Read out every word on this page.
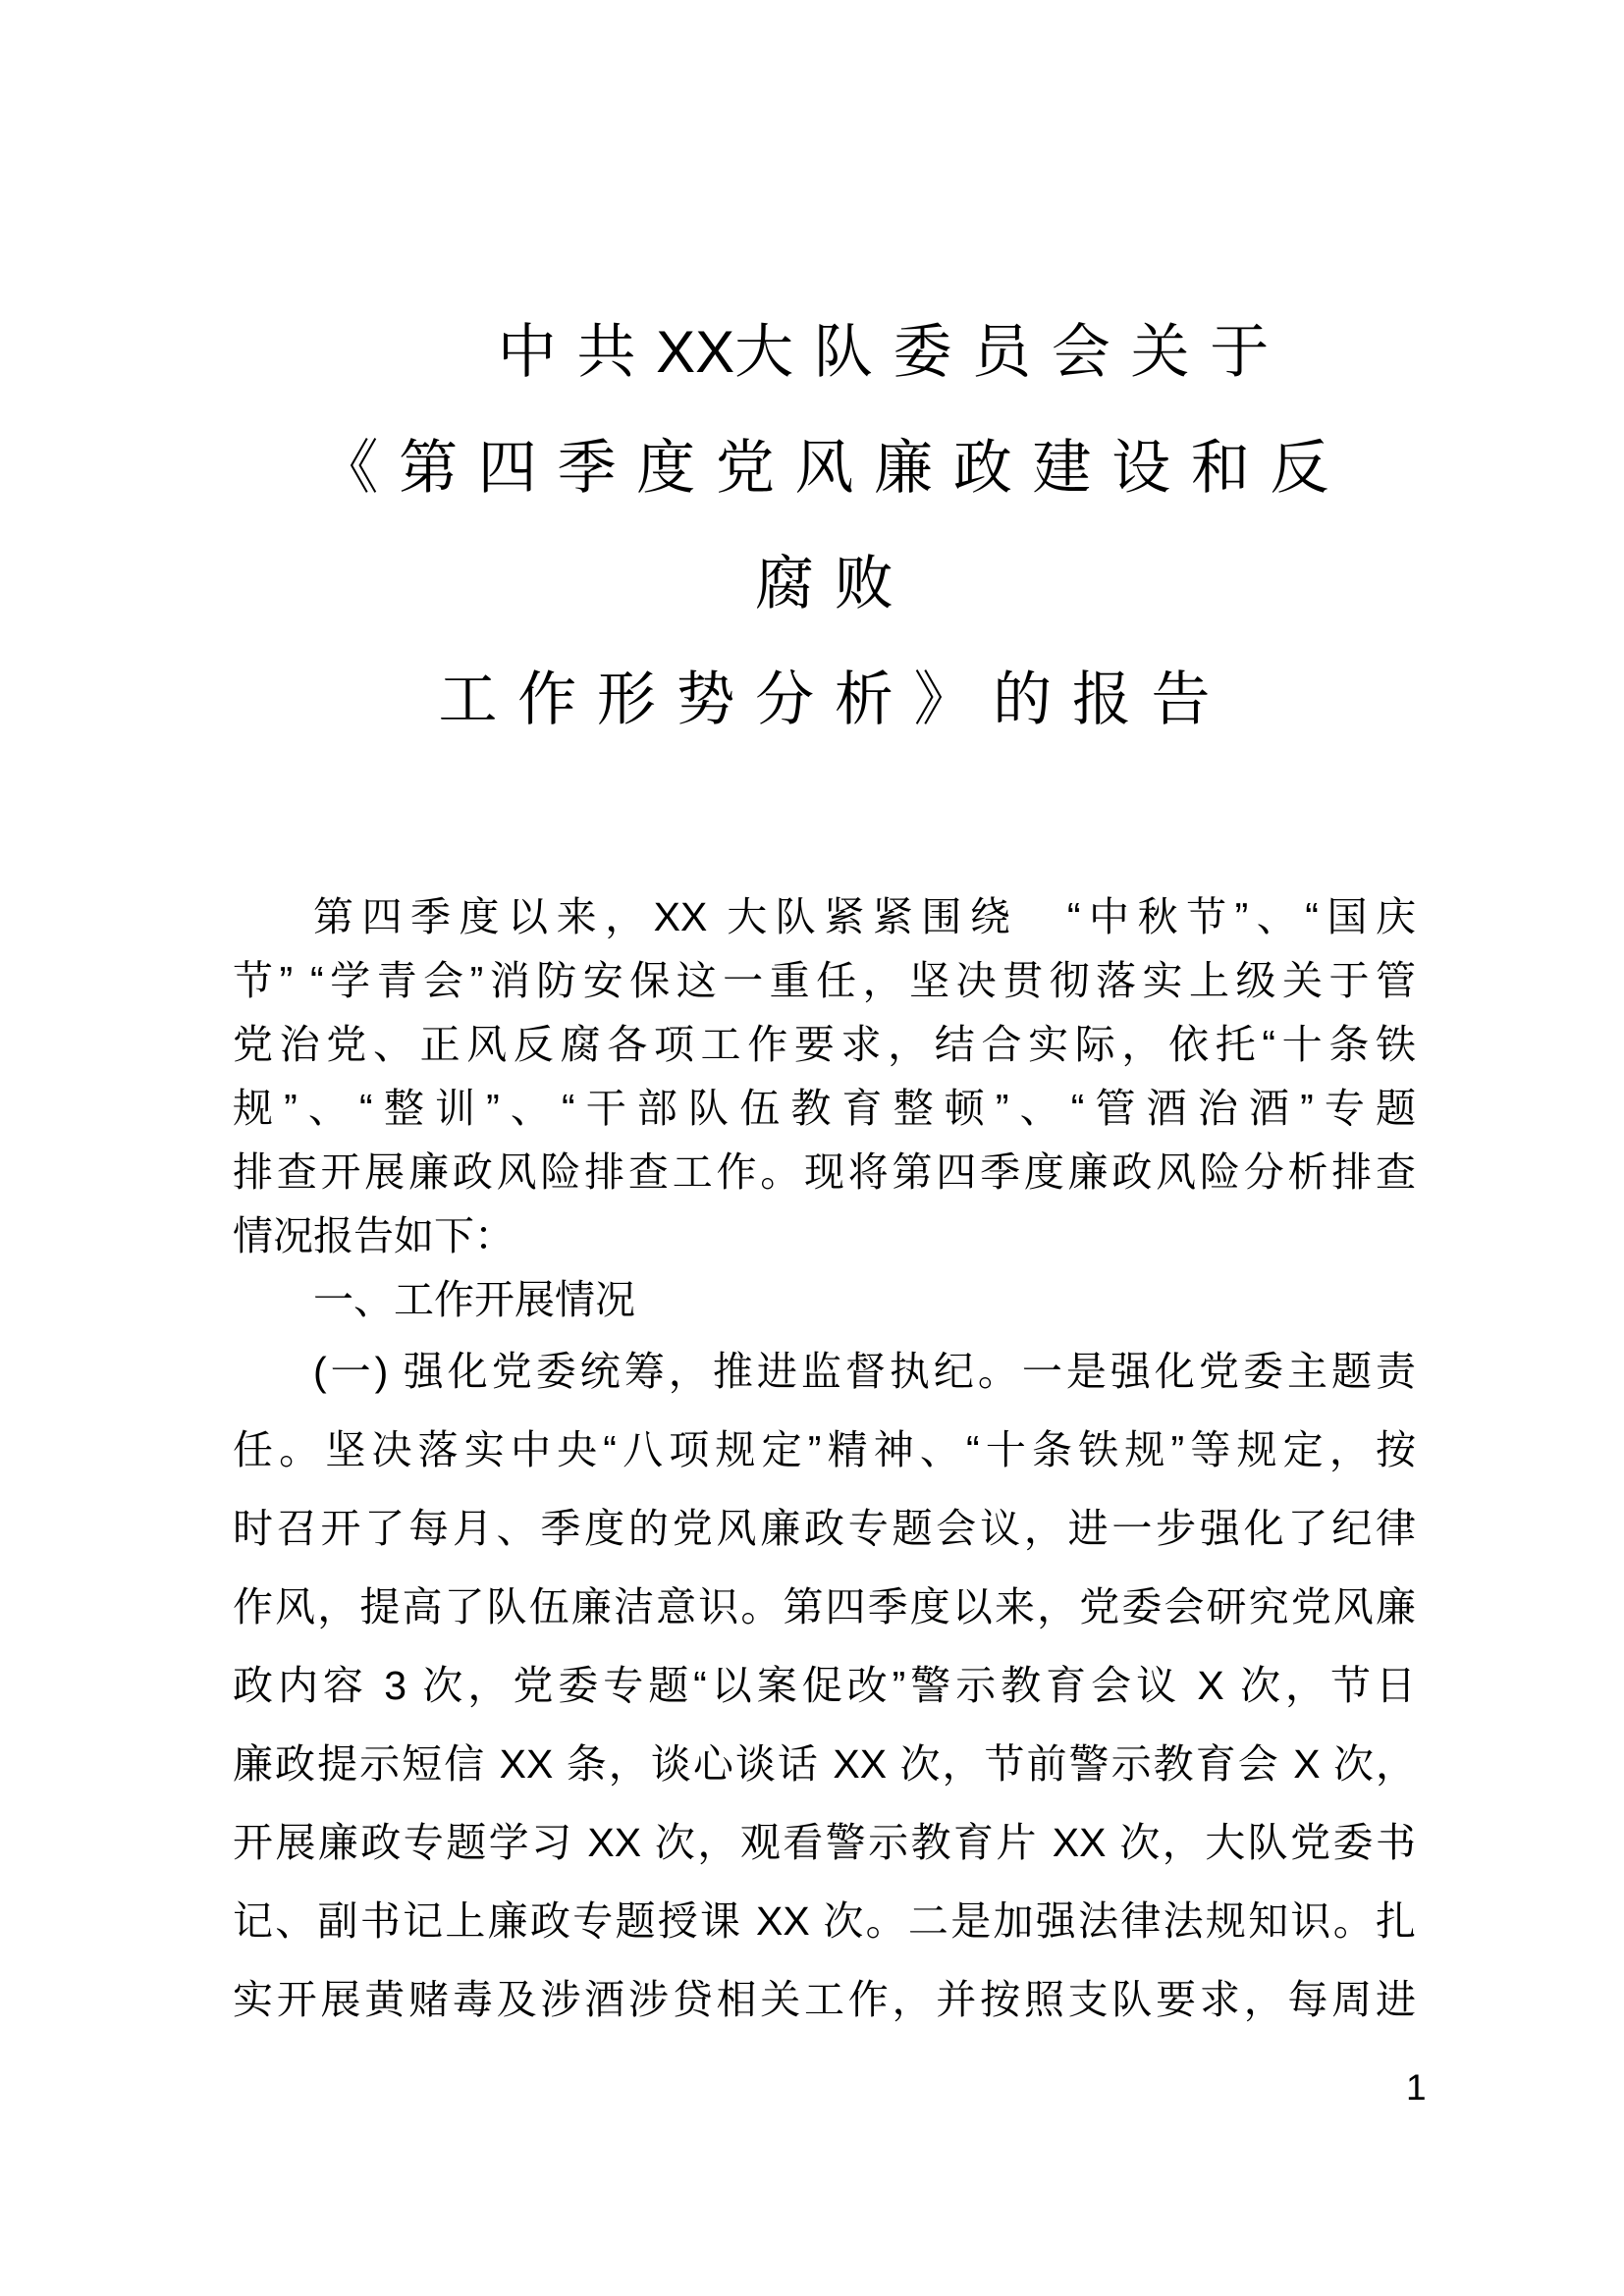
中 共 XX大 队 委 员 会 关 于
《 第 四 季 度 党 风 廉 政 建 设 和 反
腐 败
工 作 形 势 分 析 》 的 报 告
第四季度以来，XX 大队紧紧围绕　“中秋节”、“国庆
节” “学青会”消防安保这一重任，坚决贯彻落实上级关于管
党治党、正风反腐各项工作要求，结合实际，依托“十条铁
规”、“整训”、“干部队伍教育整顿”、“管酒治酒”专题
排查开展廉政风险排查工作。现将第四季度廉政风险分析排查
情况报告如下：
一、工作开展情况
(一) 强化党委统筹，推进监督执纪。一是强化党委主题责
任。坚决落实中央“八项规定”精神、“十条铁规”等规定，按
时召开了每月、季度的党风廉政专题会议，进一步强化了纪律
作风，提高了队伍廉洁意识。第四季度以来，党委会研究党风廉
政内容 3 次，党委专题“以案促改”警示教育会议 X 次，节日
廉政提示短信 XX 条，谈心谈话 XX 次，节前警示教育会 X 次，
开展廉政专题学习 XX 次，观看警示教育片 XX 次，大队党委书
记、副书记上廉政专题授课 XX 次。二是加强法律法规知识。扎
实开展黄赌毒及涉酒涉贷相关工作，并按照支队要求，每周进
1
